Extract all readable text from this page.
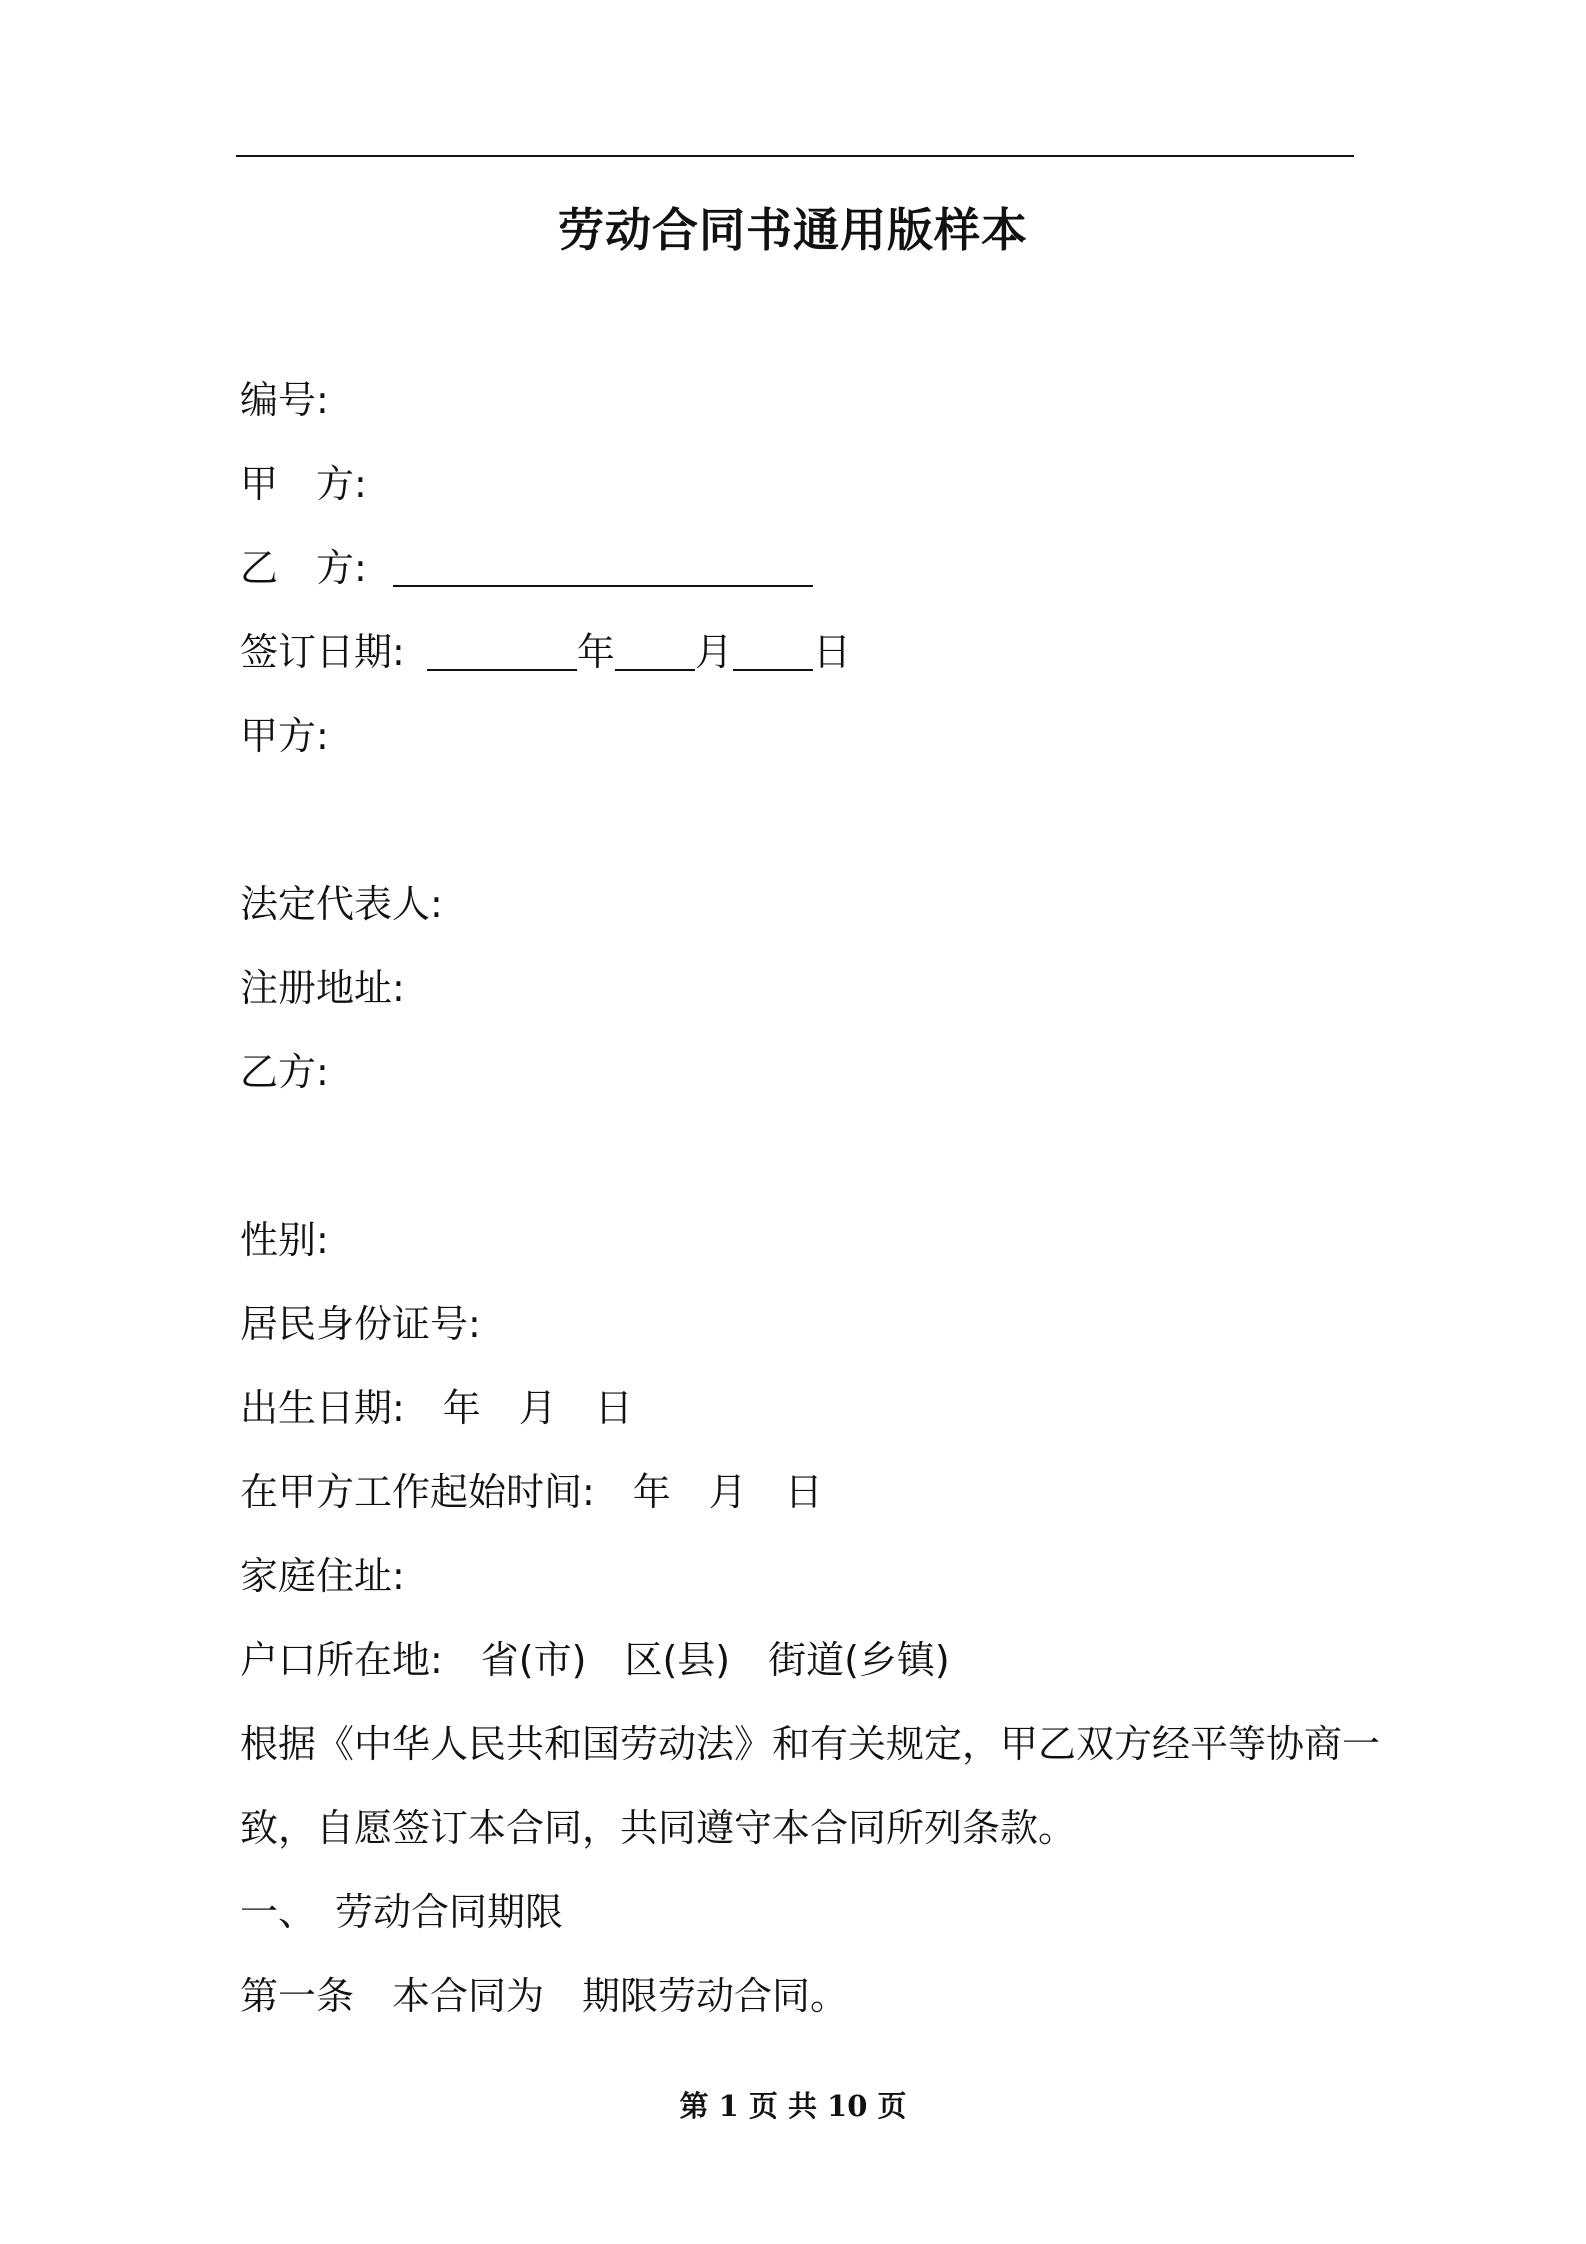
劳动合同书通用版样本
编号:
甲　方:
乙　方:
签订日期:	年 月 日
甲方:
法定代表人:
注册地址:
乙方:
性别:
居民身份证号:
出生日期:　年　月　日
在甲方工作起始时间:　年　月　日
家庭住址:
户口所在地:　省(市)　区(县)　街道(乡镇)
根据《中华人民共和国劳动法》和有关规定，甲乙双方经平等协商一
致，自愿签订本合同，共同遵守本合同所列条款。
一、　劳动合同期限
第一条　本合同为　期限劳动合同。
第 1 页 共 10 页
